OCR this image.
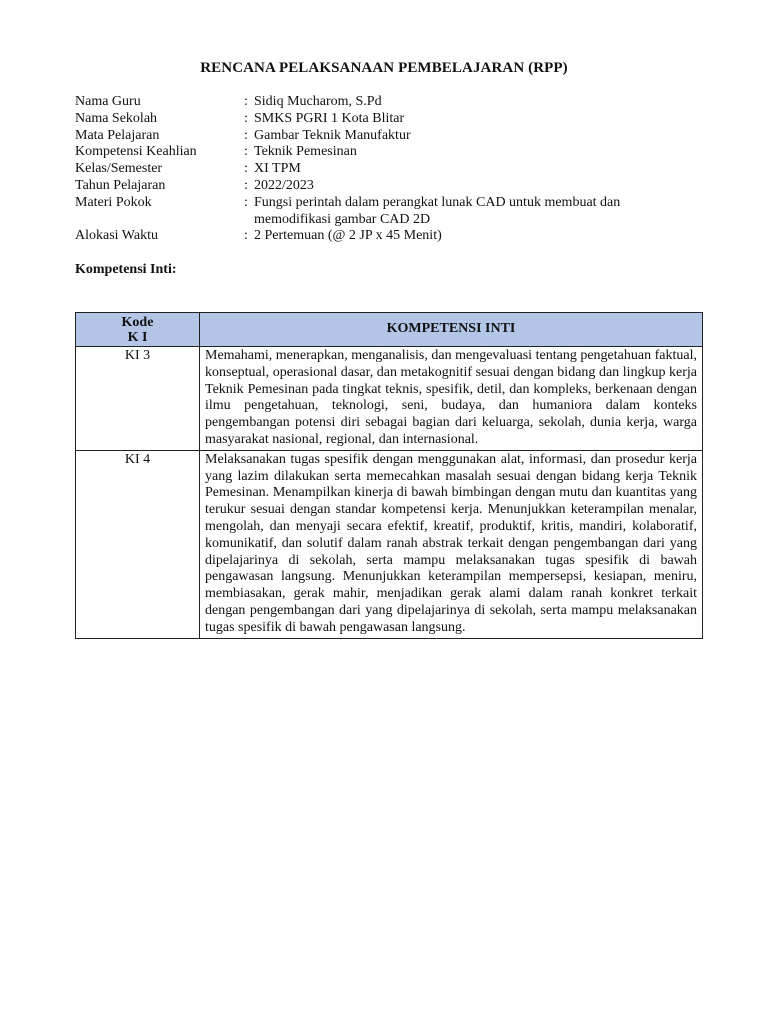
RENCANA PELAKSANAAN PEMBELAJARAN (RPP)
Nama Guru	: Sidiq Mucharom, S.Pd
Nama Sekolah	: SMKS PGRI 1 Kota Blitar
Mata Pelajaran	: Gambar Teknik Manufaktur
Kompetensi Keahlian	: Teknik Pemesinan
Kelas/Semester	: XI TPM
Tahun Pelajaran	: 2022/2023
Materi Pokok	: Fungsi perintah dalam perangkat lunak CAD untuk membuat dan memodifikasi gambar CAD 2D
Alokasi Waktu	: 2 Pertemuan (@ 2 JP x 45 Menit)
Kompetensi Inti:
Kode
K I	KOMPETENSI INTI
KI 3	Memahami, menerapkan, menganalisis, dan mengevaluasi tentang pengetahuan faktual, konseptual, operasional dasar, dan metakognitif sesuai dengan bidang dan lingkup kerja Teknik Pemesinan pada tingkat teknis, spesifik, detil, dan kompleks, berkenaan dengan ilmu pengetahuan, teknologi, seni, budaya, dan humaniora dalam konteks pengembangan potensi diri sebagai bagian dari keluarga, sekolah, dunia kerja, warga masyarakat nasional, regional, dan internasional.
KI 4	Melaksanakan tugas spesifik dengan menggunakan alat, informasi, dan prosedur kerja yang lazim dilakukan serta memecahkan masalah sesuai dengan bidang kerja Teknik Pemesinan. Menampilkan kinerja di bawah bimbingan dengan mutu dan kuantitas yang terukur sesuai dengan standar kompetensi kerja. Menunjukkan keterampilan menalar, mengolah, dan menyaji secara efektif, kreatif, produktif, kritis, mandiri, kolaboratif, komunikatif, dan solutif dalam ranah abstrak terkait dengan pengembangan dari yang dipelajarinya di sekolah, serta mampu melaksanakan tugas spesifik di bawah pengawasan langsung. Menunjukkan keterampilan mempersepsi, kesiapan, meniru, membiasakan, gerak mahir, menjadikan gerak alami dalam ranah konkret terkait dengan pengembangan dari yang dipelajarinya di sekolah, serta mampu melaksanakan tugas spesifik di bawah pengawasan langsung.
